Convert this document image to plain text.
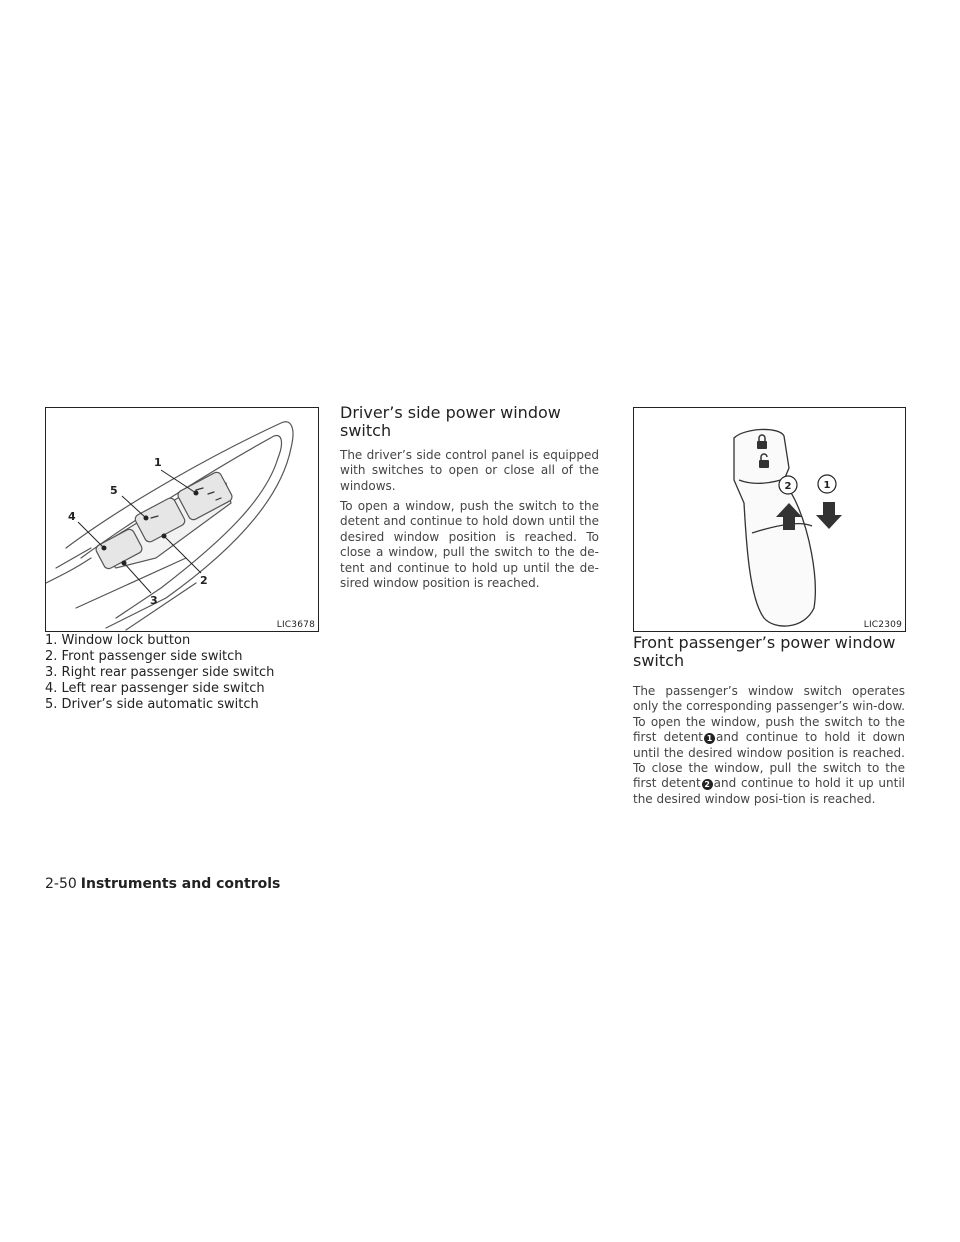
1
2
3
4
5
LIC3678
1. Window lock button
2. Front passenger side switch
3. Right rear passenger side switch
4. Left rear passenger side switch
5. Driver’s side automatic switch
Driver’s side power window
switch

The driver’s side control panel is equipped with switches to open or close all of the windows.

To open a window, push the switch to the detent and continue to hold down until the desired window position is reached. To close a window, pull the switch to the de-tent and continue to hold up until the de-sired window position is reached.

2	1
LIC2309
Front passenger’s power window
switch

The passenger’s window switch operates only the corresponding passenger’s win-dow. To open the window, push the switch to the first detent 1 and continue to hold it down until the desired window position is reached. To close the window, pull the switch to the first detent 2 and continue to hold it up until the desired window posi-tion is reached.

2-50 Instruments and controls
